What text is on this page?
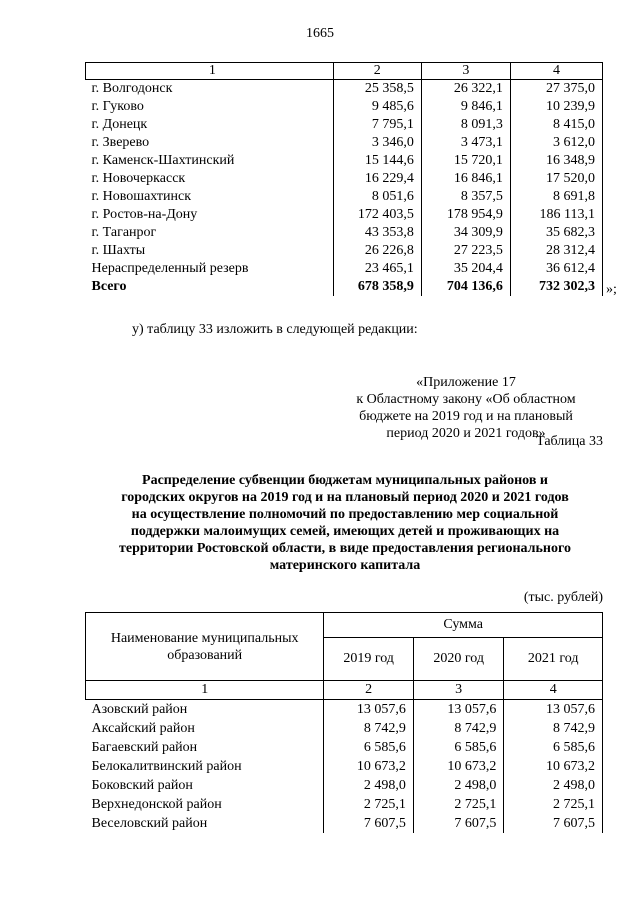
1665
1	2	3	4
г. Волгодонск	25 358,5	26 322,1	27 375,0
г. Гуково	9 485,6	9 846,1	10 239,9
г. Донецк	7 795,1	8 091,3	8 415,0
г. Зверево	3 346,0	3 473,1	3 612,0
г. Каменск-Шахтинский	15 144,6	15 720,1	16 348,9
г. Новочеркасск	16 229,4	16 846,1	17 520,0
г. Новошахтинск	8 051,6	8 357,5	8 691,8
г. Ростов-на-Дону	172 403,5	178 954,9	186 113,1
г. Таганрог	43 353,8	34 309,9	35 682,3
г. Шахты	26 226,8	27 223,5	28 312,4
Нераспределенный резерв	23 465,1	35 204,4	36 612,4
Всего	678 358,9	704 136,6	732 302,3 »;
у) таблицу 33 изложить в следующей редакции:
«Приложение 17
к Областному закону «Об областном
бюджете на 2019 год и на плановый
период 2020 и 2021 годов»
Таблица 33
Распределение субвенции бюджетам муниципальных районов и
городских округов на 2019 год и на плановый период 2020 и 2021 годов
на осуществление полномочий по предоставлению мер социальной
поддержки малоимущих семей, имеющих детей и проживающих на
территории Ростовской области, в виде предоставления регионального
материнского капитала
(тыс. рублей)
Наименование муниципальных образований	Сумма		
	2019 год	2020 год	2021 год
1	2	3	4
Азовский район	13 057,6	13 057,6	13 057,6
Аксайский район	8 742,9	8 742,9	8 742,9
Багаевский район	6 585,6	6 585,6	6 585,6
Белокалитвинский район	10 673,2	10 673,2	10 673,2
Боковский район	2 498,0	2 498,0	2 498,0
Верхнедонской район	2 725,1	2 725,1	2 725,1
Веселовский район	7 607,5	7 607,5	7 607,5
